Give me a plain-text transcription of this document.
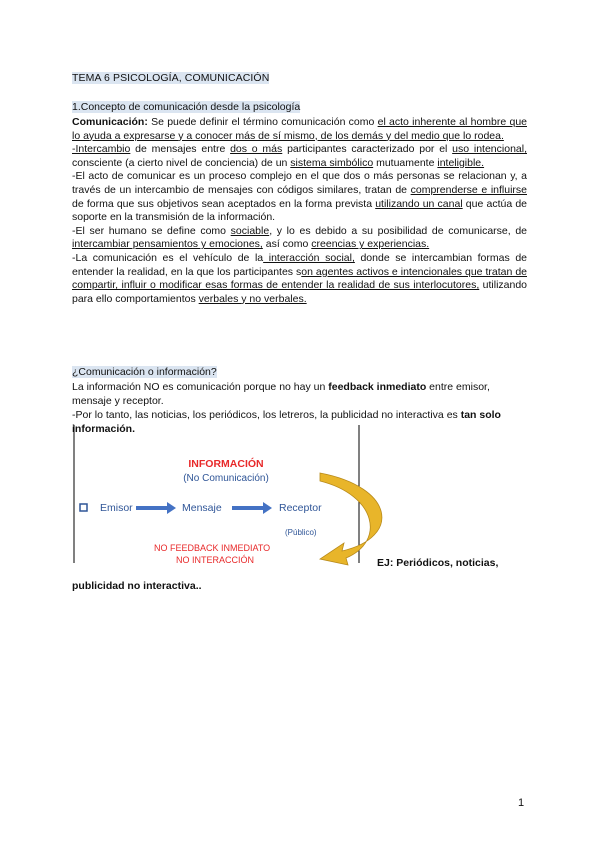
TEMA 6 PSICOLOGÍA, COMUNICACIÓN
1.Concepto de comunicación desde la psicología

Comunicación: Se puede definir el término comunicación como el acto inherente al hombre que lo ayuda a expresarse y a conocer más de sí mismo, de los demás y del medio que lo rodea.

-Intercambio de mensajes entre dos o más participantes caracterizado por el uso intencional, consciente (a cierto nivel de conciencia) de un sistema simbólico mutuamente inteligible.

-El acto de comunicar es un proceso complejo en el que dos o más personas se relacionan y, a través de un intercambio de mensajes con códigos similares, tratan de comprenderse e influirse de forma que sus objetivos sean aceptados en la forma prevista utilizando un canal que actúa de soporte en la transmisión de la información.

-El ser humano se define como sociable, y lo es debido a su posibilidad de comunicarse, de intercambiar pensamientos y emociones, así como creencias y experiencias.

-La comunicación es el vehículo de la interacción social, donde se intercambian formas de entender la realidad, en la que los participantes son agentes activos e intencionales que tratan de compartir, influir o modificar esas formas de entender la realidad de sus interlocutores, utilizando para ello comportamientos verbales y no verbales.

¿Comunicación o información?

La información NO es comunicación porque no hay un feedback inmediato entre emisor, mensaje y receptor.

-Por lo tanto, las noticias, los periódicos, los letreros, la publicidad no interactiva es tan solo información.

INFORMACIÓN
(No Comunicación)
Emisor	Mensaje	Receptor
(Público)
NO FEEDBACK INMEDIATO
NO INTERACCIÓN	EJ: Periódicos, noticias,
publicidad no interactiva..
1
